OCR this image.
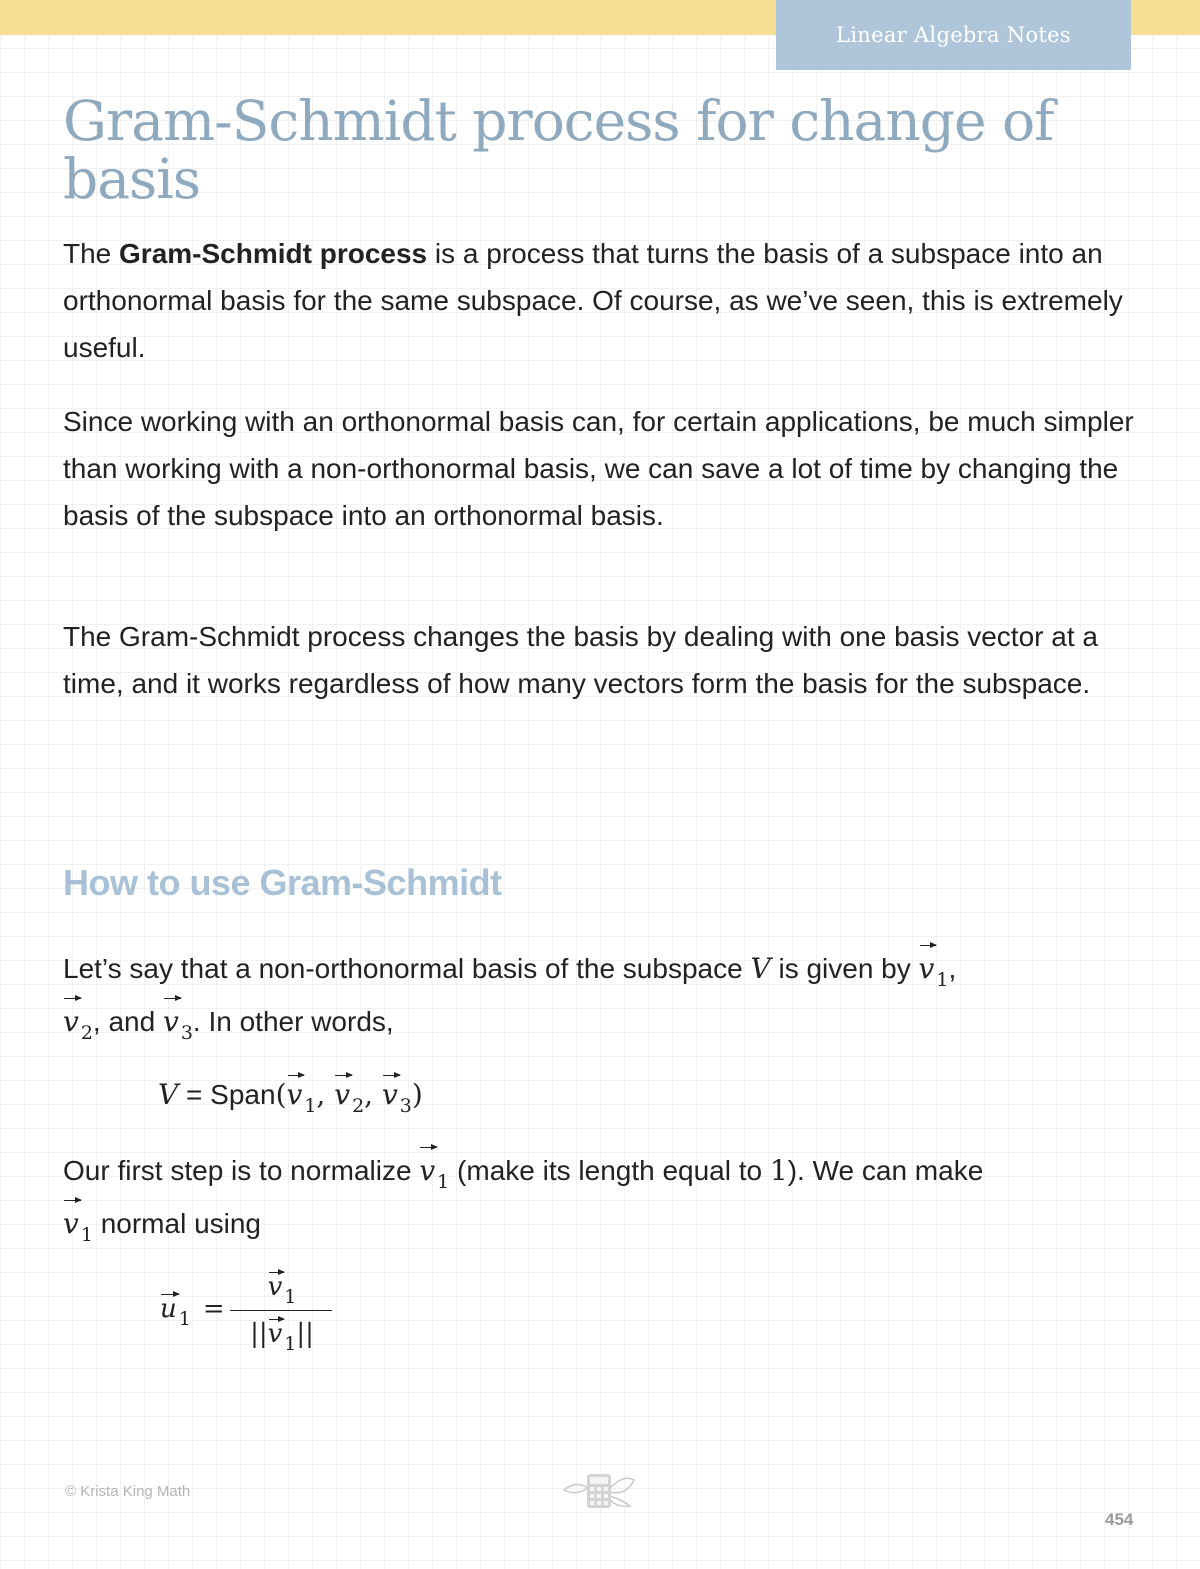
Linear Algebra Notes
Gram-Schmidt process for change of basis

The Gram-Schmidt process is a process that turns the basis of a subspace into an orthonormal basis for the same subspace. Of course, as we’ve seen, this is extremely useful.

Since working with an orthonormal basis can, for certain applications, be much simpler than working with a non-orthonormal basis, we can save a lot of time by changing the basis of the subspace into an orthonormal basis.

The Gram-Schmidt process changes the basis by dealing with one basis vector at a time, and it works regardless of how many vectors form the basis for the subspace.

How to use Gram-Schmidt

Let’s say that a non-orthonormal basis of the subspace V is given by v $_1$,
v $_2$, and v $_3$. In other words,

V = Span(v $_1$, v $_2$, v $_3$)

Our first step is to normalize v $_1$ (make its length equal to 1). We can make
v $_1$ normal using

u $_1$ =
v $_1$
||v $_1$||
© Krista King Math
454
